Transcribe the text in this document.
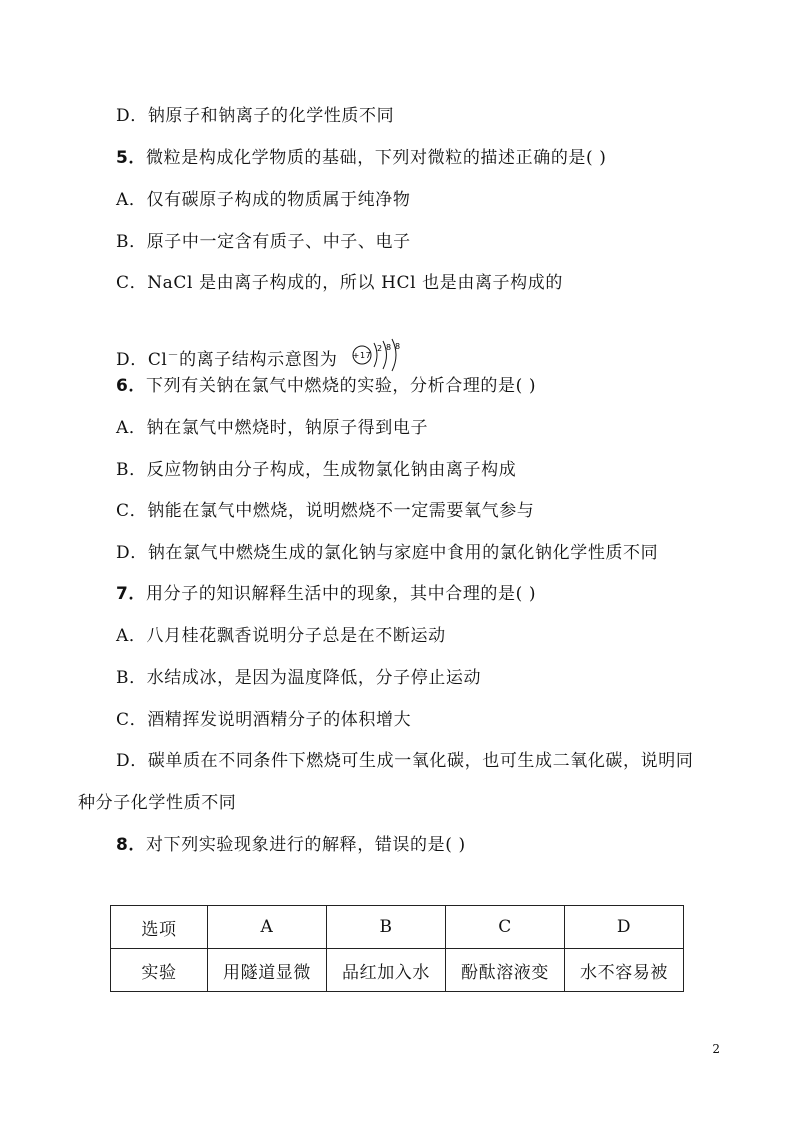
D．钠原子和钠离子的化学性质不同
5．微粒是构成化学物质的基础，下列对微粒的描述正确的是( )
A．仅有碳原子构成的物质属于纯净物
B．原子中一定含有质子、中子、电子
C．NaCl 是由离子构成的，所以 HCl 也是由离子构成的
D．Cl－的离子结构示意图为 +17
2 8 8
6．下列有关钠在氯气中燃烧的实验，分析合理的是( )
A．钠在氯气中燃烧时，钠原子得到电子
B．反应物钠由分子构成，生成物氯化钠由离子构成
C．钠能在氯气中燃烧，说明燃烧不一定需要氧气参与
D．钠在氯气中燃烧生成的氯化钠与家庭中食用的氯化钠化学性质不同
7．用分子的知识解释生活中的现象，其中合理的是( )
A．八月桂花飘香说明分子总是在不断运动
B．水结成冰，是因为温度降低，分子停止运动
C．酒精挥发说明酒精分子的体积增大
D．碳单质在不同条件下燃烧可生成一氧化碳，也可生成二氧化碳，说明同
种分子化学性质不同
8．对下列实验现象进行的解释，错误的是( )
选项	A	B	C	D
实验	用隧道显微	品红加入水	酚酞溶液变	水不容易被
2
